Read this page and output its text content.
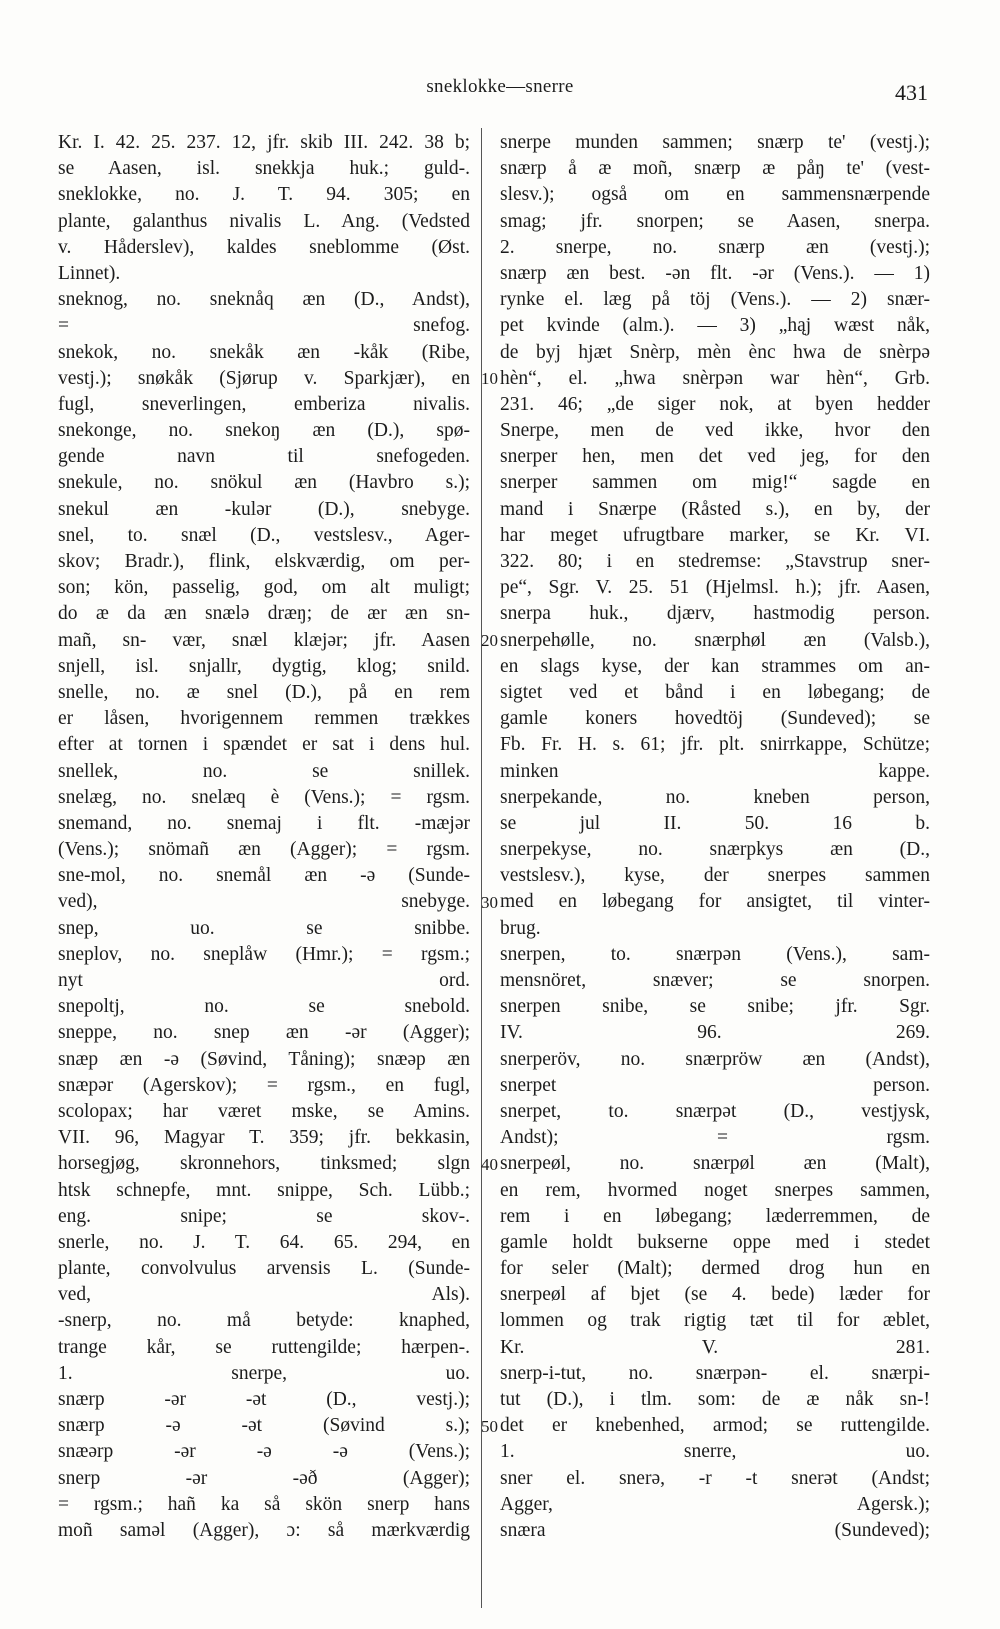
sneklokke—snerre	431
Kr. I. 42. 25. 237. 12, jfr. skib III. 242. 38 b;
se Aasen, isl. snekkja huk.; guld-.
sneklokke, no. J. T. 94. 305; en
plante, galanthus nivalis L. Ang. (Vedsted
v. Håderslev), kaldes sneblomme (Øst.
Linnet).
sneknog, no. sneknåq æn (D., Andst),
= snefog.
snekok, no. snekåk æn -kåk (Ribe,
vestj.); snøkåk (Sjørup v. Sparkjær), en
fugl, sneverlingen, emberiza nivalis.
snekonge, no. snekoŋ æn (D.), spø-
gende navn til snefogeden.
snekule, no. snökul æn (Havbro s.);
snekul æn -kulər (D.), snebyge.
snel, to. snæl (D., vestslesv., Ager-
skov; Bradr.), flink, elskværdig, om per-
son; kön, passelig, god, om alt muligt;
do æ da æn snælə dræŋ; de ær æn sn-
mañ, sn- vær, snæl klæjər; jfr. Aasen
snjell, isl. snjallr, dygtig, klog; snild.
snelle, no. æ snel (D.), på en rem
er låsen, hvorigennem remmen trækkes
efter at tornen i spændet er sat i dens hul.
snellek, no. se snillek.
snelæg, no. snelæq è (Vens.); = rgsm.
snemand, no. snemaj i flt. -mæjər
(Vens.); snömañ æn (Agger); = rgsm.
sne-mol, no. snemål æn -ə (Sunde-
ved), snebyge.
snep, uo. se snibbe.
sneplov, no. sneplåw (Hmr.); = rgsm.;
nyt ord.
snepoltj, no. se snebold.
sneppe, no. snep æn -ər (Agger);
snæp æn -ə (Søvind, Tåning); snæəp æn
snæpər (Agerskov); = rgsm., en fugl,
scolopax; har været mske, se Amins.
VII. 96, Magyar T. 359; jfr. bekkasin,
horsegjøg, skronnehors, tinksmed; slgn
htsk schnepfe, mnt. snippe, Sch. Lübb.;
eng. snipe; se skov-.
snerle, no. J. T. 64. 65. 294, en
plante, convolvulus arvensis L. (Sunde-
ved, Als).
-snerp, no. må betyde: knaphed,
trange kår, se ruttengilde; hærpen-.
1. snerpe, uo.
snærp -ər -ət (D., vestj.);
snærp -ə -ət (Søvind s.);
snæərp -ər -ə -ə (Vens.);
snerp -ər -əð (Agger);
= rgsm.; hañ ka så skön snerp hans
moñ saməl (Agger), ɔ: så mærkværdig
snerpe munden sammen; snærp te' (vestj.);
snærp å æ moñ, snærp æ påŋ te' (vest-
slesv.); også om en sammensnærpende
smag; jfr. snorpen; se Aasen, snerpa.
2. snerpe, no. snærp æn (vestj.);
snærp æn best. -ən flt. -ər (Vens.). — 1)
rynke el. læg på töj (Vens.). — 2) snær-
pet kvinde (alm.). — 3) „hąj wæst nåk,
de byj hjæt Snèrp, mèn ènc hwa de snèrpə
hèn“, el. „hwa snèrpən war hèn“, Grb.
231. 46; „de siger nok, at byen hedder
Snerpe, men de ved ikke, hvor den
snerper hen, men det ved jeg, for den
snerper sammen om mig!“ sagde en
mand i Snærpe (Råsted s.), en by, der
har meget ufrugtbare marker, se Kr. VI.
322. 80; i en stedremse: „Stavstrup sner-
pe“, Sgr. V. 25. 51 (Hjelmsl. h.); jfr. Aasen,
snerpa huk., djærv, hastmodig person.
snerpehølle, no. snærphøl æn (Valsb.),
en slags kyse, der kan strammes om an-
sigtet ved et bånd i en løbegang; de
gamle koners hovedtöj (Sundeved); se
Fb. Fr. H. s. 61; jfr. plt. snirrkappe, Schütze;
minken kappe.
snerpekande, no. kneben person,
se jul II. 50. 16 b.
snerpekyse, no. snærpkys æn (D.,
vestslesv.), kyse, der snerpes sammen
med en løbegang for ansigtet, til vinter-
brug.
snerpen, to. snærpən (Vens.), sam-
mensnöret, snæver; se snorpen.
snerpen snibe, se snibe; jfr. Sgr.
IV. 96. 269.
snerperöv, no. snærpröw æn (Andst),
snerpet person.
snerpet, to. snærpət (D., vestjysk,
Andst); = rgsm.
snerpeøl, no. snærpøl æn (Malt),
en rem, hvormed noget snerpes sammen,
rem i en løbegang; læderremmen, de
gamle holdt bukserne oppe med i stedet
for seler (Malt); dermed drog hun en
snerpeøl af bjet (se 4. bede) læder for
lommen og trak rigtig tæt til for æblet,
Kr. V. 281.
snerp-i-tut, no. snærpən- el. snærpi-
tut (D.), i tlm. som: de æ nåk sn-!
det er knebenhed, armod; se ruttengilde.
1. snerre, uo.
sner el. snerə, -r -t snerət (Andst;
Agger, Agersk.);
snæra (Sundeved);
10
20
30
40
50
